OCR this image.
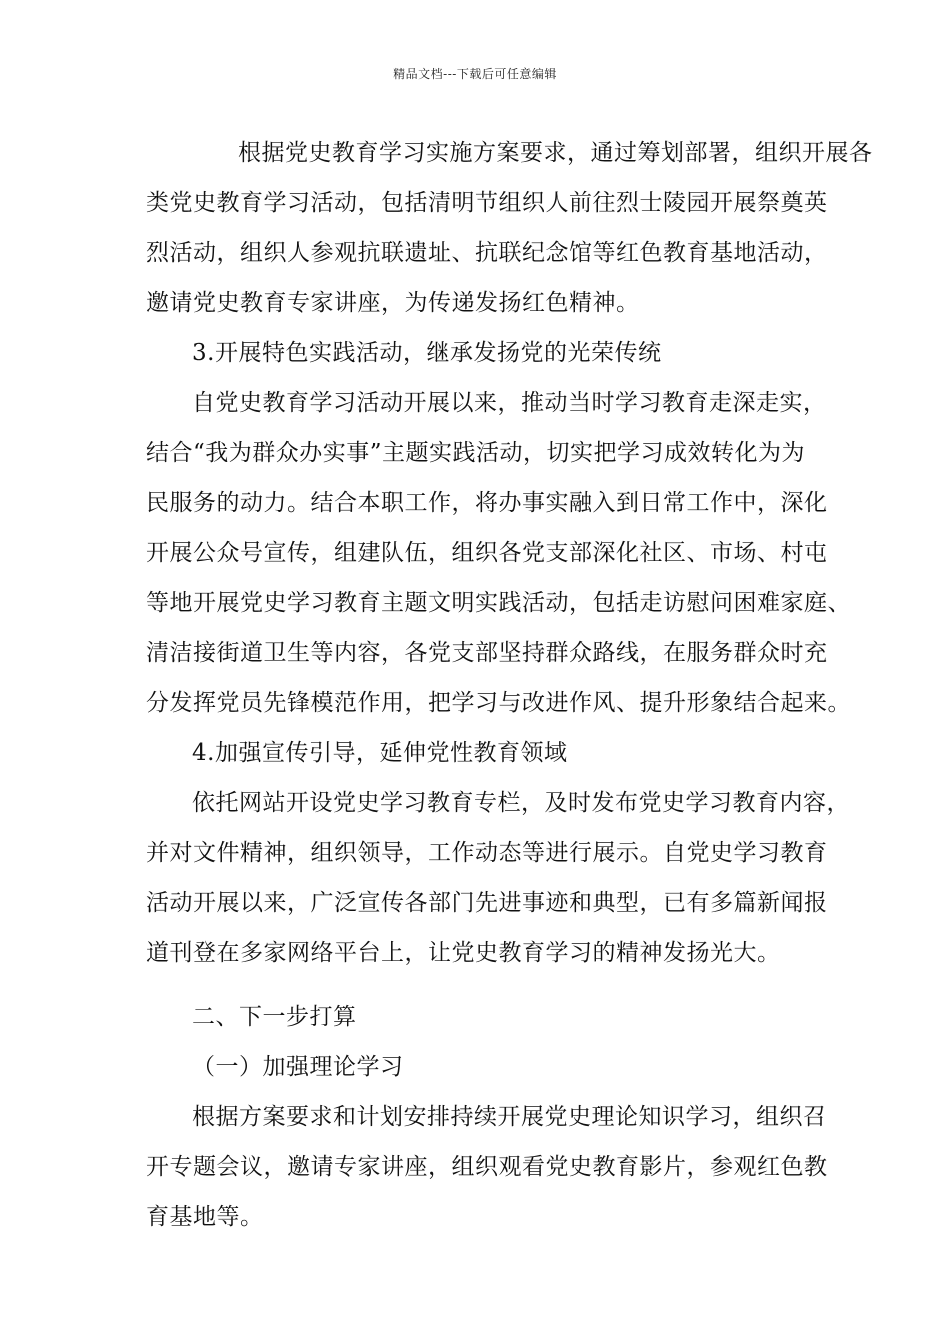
精品文档---下载后可任意编辑
根据党史教育学习实施方案要求，通过筹划部署，组织开展各
类党史教育学习活动，包括清明节组织人前往烈士陵园开展祭奠英
烈活动，组织人参观抗联遗址、抗联纪念馆等红色教育基地活动，
邀请党史教育专家讲座，为传递发扬红色精神。
3.开展特色实践活动，继承发扬党的光荣传统
自党史教育学习活动开展以来，推动当时学习教育走深走实，
结合“我为群众办实事”主题实践活动，切实把学习成效转化为为
民服务的动力。结合本职工作，将办事实融入到日常工作中，深化
开展公众号宣传，组建队伍，组织各党支部深化社区、市场、村屯
等地开展党史学习教育主题文明实践活动，包括走访慰问困难家庭、
清洁接街道卫生等内容，各党支部坚持群众路线，在服务群众时充
分发挥党员先锋模范作用，把学习与改进作风、提升形象结合起来。
4.加强宣传引导，延伸党性教育领域
依托网站开设党史学习教育专栏，及时发布党史学习教育内容，
并对文件精神，组织领导，工作动态等进行展示。自党史学习教育
活动开展以来，广泛宣传各部门先进事迹和典型，已有多篇新闻报
道刊登在多家网络平台上，让党史教育学习的精神发扬光大。
二、下一步打算
（一）加强理论学习
根据方案要求和计划安排持续开展党史理论知识学习，组织召
开专题会议，邀请专家讲座，组织观看党史教育影片，参观红色教
育基地等。
